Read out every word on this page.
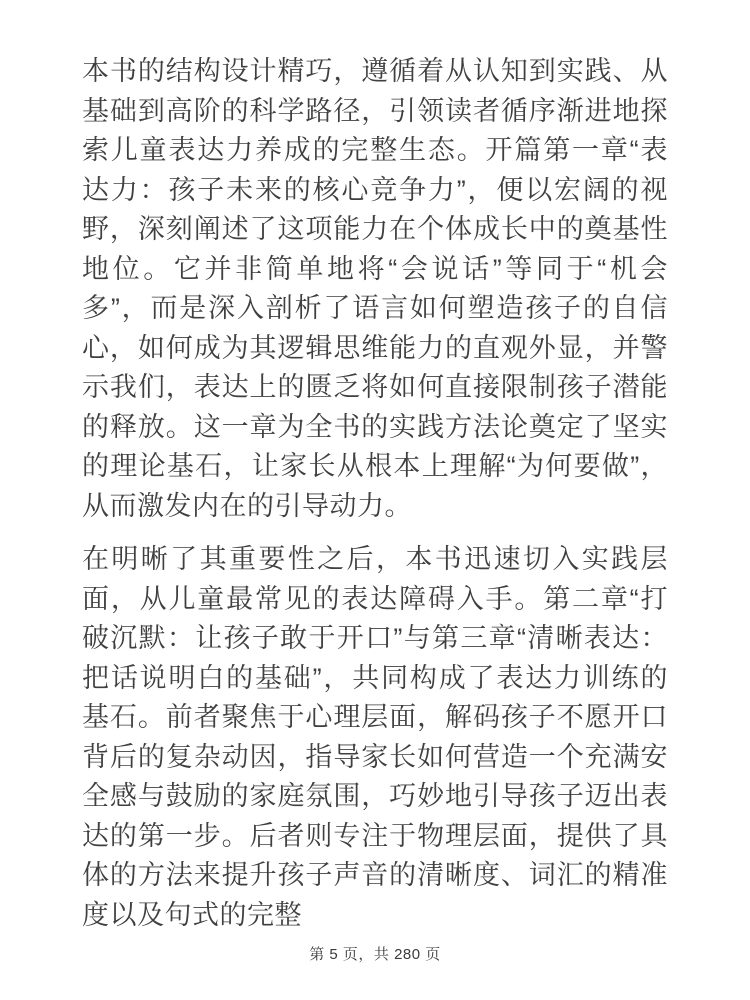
本书的结构设计精巧，遵循着从认知到实践、从基础到高阶的科学路径，引领读者循序渐进地探索儿童表达力养成的完整生态。开篇第一章“表达力：孩子未来的核心竞争力”，便以宏阔的视野，深刻阐述了这项能力在个体成长中的奠基性地位。它并非简单地将“会说话”等同于“机会多”，而是深入剖析了语言如何塑造孩子的自信心，如何成为其逻辑思维能力的直观外显，并警示我们，表达上的匮乏将如何直接限制孩子潜能的释放。这一章为全书的实践方法论奠定了坚实的理论基石，让家长从根本上理解“为何要做”，从而激发内在的引导动力。

在明晰了其重要性之后，本书迅速切入实践层面，从儿童最常见的表达障碍入手。第二章“打破沉默：让孩子敢于开口”与第三章“清晰表达：把话说明白的基础”，共同构成了表达力训练的基石。前者聚焦于心理层面，解码孩子不愿开口背后的复杂动因，指导家长如何营造一个充满安全感与鼓励的家庭氛围，巧妙地引导孩子迈出表达的第一步。后者则专注于物理层面，提供了具体的方法来提升孩子声音的清晰度、词汇的精准度以及句式的完整

第 5 页，共 280 页
